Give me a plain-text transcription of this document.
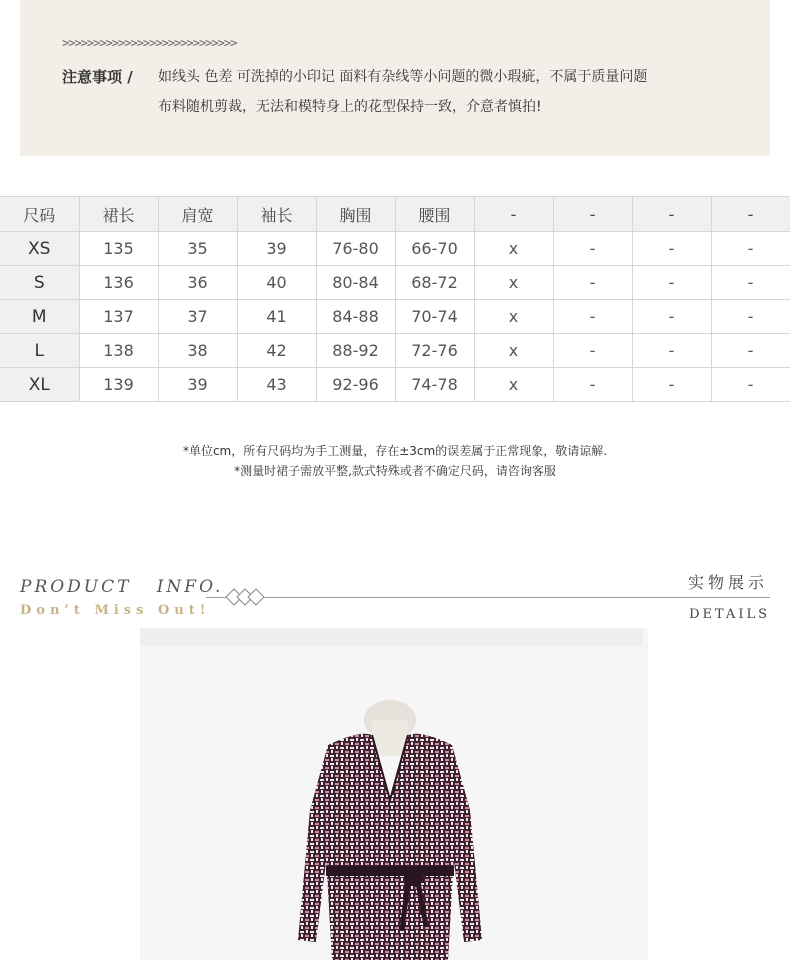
>>>>>>>>>>>>>>>>>>>>>>>>>>>>
注意事项 / 如线头 色差 可洗掉的小印记 面料有杂线等小问题的微小瑕疵，不属于质量问题
布料随机剪裁，无法和模特身上的花型保持一致，介意者慎拍!
尺码	裙长	肩宽	袖长	胸围	腰围	-	-	-	-
XS	135	35	39	76-80	66-70	x	-	-	-
S	136	36	40	80-84	68-72	x	-	-	-
M	137	37	41	84-88	70-74	x	-	-	-
L	138	38	42	88-92	72-76	x	-	-	-
XL	139	39	43	92-96	74-78	x	-	-	-
*单位cm，所有尺码均为手工测量，存在±3cm的误差属于正常现象，敬请谅解.
*测量时裙子需放平整,款式特殊或者不确定尺码，请咨询客服
PRODUCT   INFO.
Don’t Miss Out!
实物展示
DETAILS
